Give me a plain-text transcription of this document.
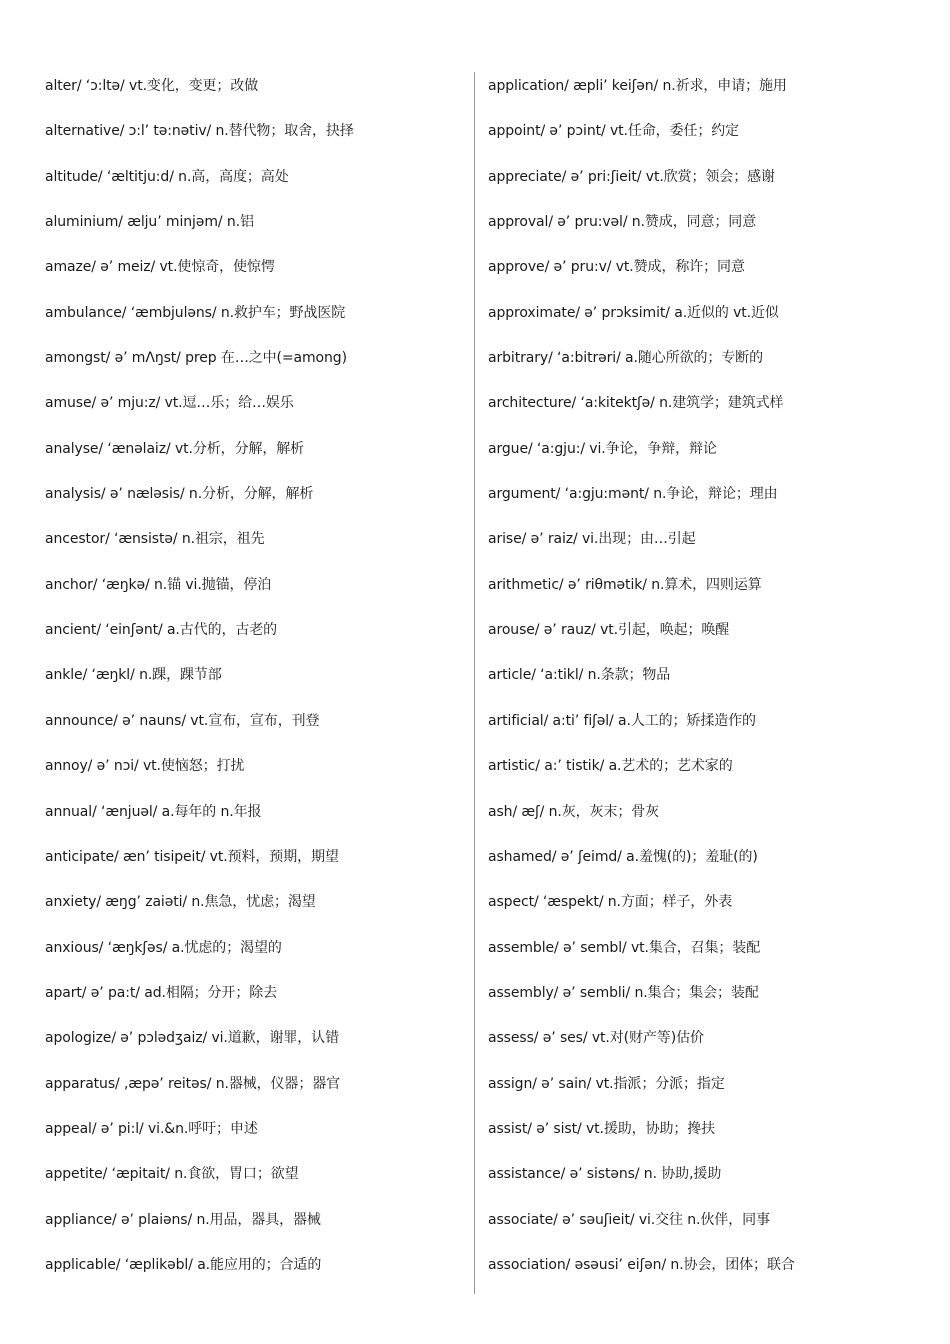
alter/ ‘ɔ:ltə/ vt.变化，变更；改做
alternative/ ɔ:l’ tə:nətiv/ n.替代物；取舍，抉择
altitude/ ‘æltitju:d/ n.高，高度；高处
aluminium/ ælju’ minjəm/ n.铝
amaze/ ə’ meiz/ vt.使惊奇，使惊愕
ambulance/ ‘æmbjuləns/ n.救护车；野战医院
amongst/ ə’ mΛŋst/ prep 在…之中(=among)
amuse/ ə’ mju:z/ vt.逗…乐；给…娱乐
analyse/ ‘ænəlaiz/ vt.分析，分解，解析
analysis/ ə’ næləsis/ n.分析，分解，解析
ancestor/ ‘ænsistə/ n.祖宗，祖先
anchor/ ‘æŋkə/ n.锚 vi.抛锚，停泊
ancient/ ‘einʃənt/ a.古代的，古老的
ankle/ ‘æŋkl/ n.踝，踝节部
announce/ ə’ nauns/ vt.宣布，宣布，刊登
annoy/ ə’ nɔi/ vt.使恼怒；打扰
annual/ ‘ænjuəl/ a.每年的 n.年报
anticipate/ æn’ tisipeit/ vt.预料，预期，期望
anxiety/ æŋg’ zaiəti/ n.焦急，忧虑；渴望
anxious/ ‘æŋkʃəs/ a.忧虑的；渴望的
apart/ ə’ pa:t/ ad.相隔；分开；除去
apologize/ ə’ pɔlədʒaiz/ vi.道歉，谢罪，认错
apparatus/ ,æpə’ reitəs/ n.器械，仪器；器官
appeal/ ə’ pi:l/ vi.&n.呼吁；申述
appetite/ ‘æpitait/ n.食欲，胃口；欲望
appliance/ ə’ plaiəns/ n.用品，器具，器械
applicable/ ‘æplikəbl/ a.能应用的；合适的
application/ æpli’ keiʃən/ n.祈求，申请；施用
appoint/ ə’ pɔint/ vt.任命，委任；约定
appreciate/ ə’ pri:ʃieit/ vt.欣赏；领会；感谢
approval/ ə’ pru:vəl/ n.赞成，同意；同意
approve/ ə’ pru:v/ vt.赞成，称许；同意
approximate/ ə’ prɔksimit/ a.近似的 vt.近似
arbitrary/ ‘a:bitrəri/ a.随心所欲的；专断的
architecture/ ‘a:kitektʃə/ n.建筑学；建筑式样
argue/ ‘a:gju:/ vi.争论，争辩，辩论
argument/ ‘a:gju:mənt/ n.争论，辩论；理由
arise/ ə’ raiz/ vi.出现；由…引起
arithmetic/ ə’ riθmətik/ n.算术，四则运算
arouse/ ə’ rauz/ vt.引起，唤起；唤醒
article/ ‘a:tikl/ n.条款；物品
artificial/ a:ti’ fiʃəl/ a.人工的；矫揉造作的
artistic/ a:’ tistik/ a.艺术的；艺术家的
ash/ æʃ/ n.灰，灰末；骨灰
ashamed/ ə’ ʃeimd/ a.羞愧(的)；羞耻(的)
aspect/ ‘æspekt/ n.方面；样子，外表
assemble/ ə’ sembl/ vt.集合，召集；装配
assembly/ ə’ sembli/ n.集合；集会；装配
assess/ ə’ ses/ vt.对(财产等)估价
assign/ ə’ sain/ vt.指派；分派；指定
assist/ ə’ sist/ vt.援助，协助；搀扶
assistance/ ə’ sistəns/ n. 协助,援助
associate/ ə’ səuʃieit/ vi.交往 n.伙伴，同事
association/ əsəusi’ eiʃən/ n.协会，团体；联合
